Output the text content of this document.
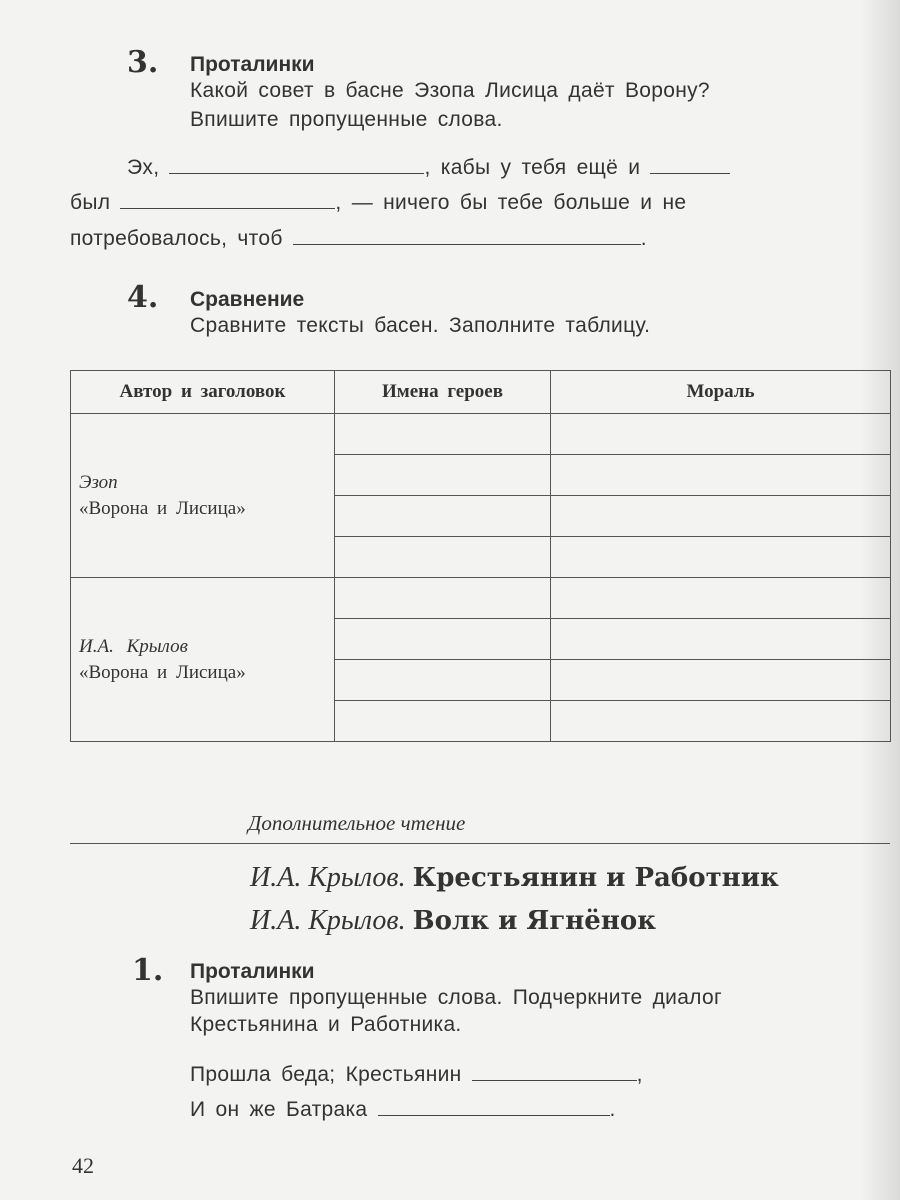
3. Проталинки
Какой совет в басне Эзопа Лисица даёт Ворону?
Впишите пропущенные слова.
Эх,	, кабы у тебя ещё и
был	, — ничего бы тебе больше и не
потребовалось, чтоб	.
4. Сравнение
Сравните тексты басен. Заполните таблицу.
Автор и заголовок	Имена героев	Мораль

Эзоп
«Ворона и Лисица»		

И.А. Крылов
«Ворона и Лисица»		

Дополнительное чтение
И.А. Крылов. Крестьянин и Работник
И.А. Крылов. Волк и Ягнёнок
1. Проталинки
Впишите пропущенные слова. Подчеркните диалог
Крестьянина и Работника.
Прошла беда; Крестьянин	,
И он же Батрака	.
42
